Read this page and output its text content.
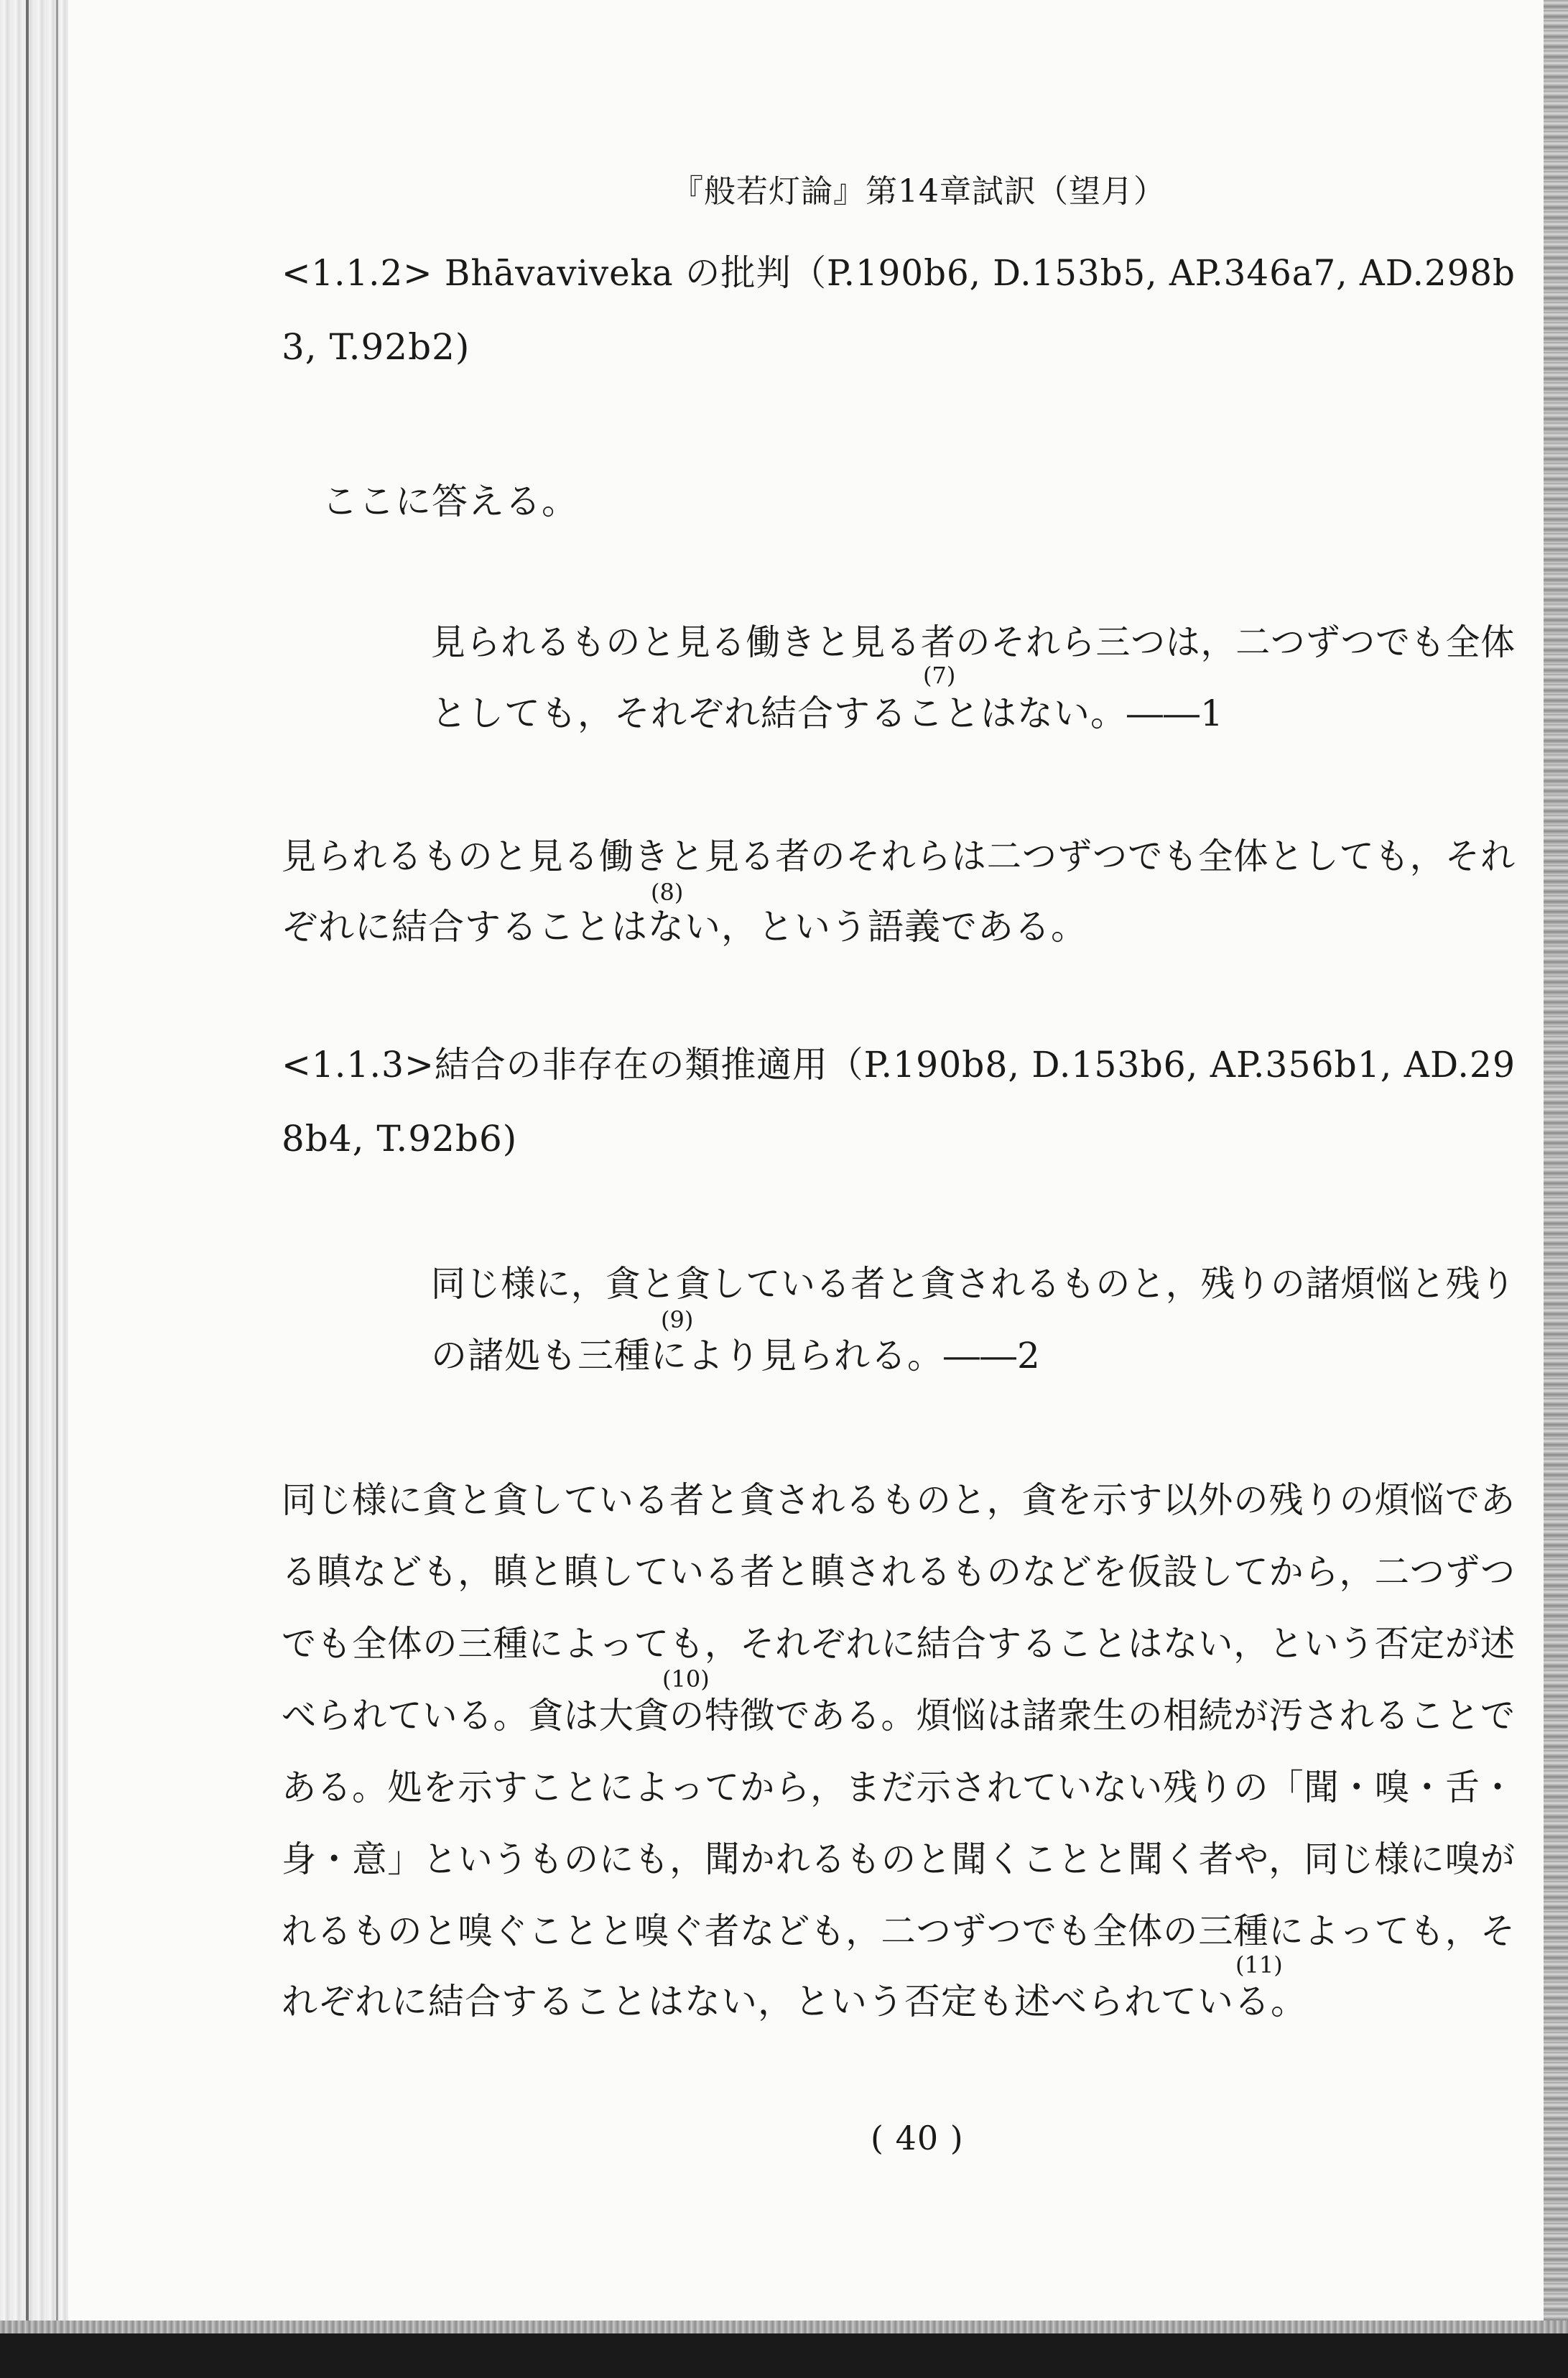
『般若灯論』第14章試訳（望月）
<1.1.2> Bhāvaviveka の批判（P.190b6, D.153b5, AP.346a7, AD.298b
3, T.92b2)
ここに答える。
見られるものと見る働きと見る者のそれら三つは，二つずつでも全体
(7)
としても，それぞれ結合することはない。――1
見られるものと見る働きと見る者のそれらは二つずつでも全体としても，それ
(8)
ぞれに結合することはない，という語義である。
<1.1.3>結合の非存在の類推適用（P.190b8, D.153b6, AP.356b1, AD.29
8b4, T.92b6)
同じ様に，貪と貪している者と貪されるものと，残りの諸煩悩と残り
(9)
の諸処も三種により見られる。――2
同じ様に貪と貪している者と貪されるものと，貪を示す以外の残りの煩悩であ
る瞋なども，瞋と瞋している者と瞋されるものなどを仮設してから，二つずつ
でも全体の三種によっても，それぞれに結合することはない，という否定が述
(10)
べられている。貪は大貪の特徴である。煩悩は諸衆生の相続が汚されることで
ある。処を示すことによってから，まだ示されていない残りの「聞・嗅・舌・
身・意」というものにも，聞かれるものと聞くことと聞く者や，同じ様に嗅が
れるものと嗅ぐことと嗅ぐ者なども，二つずつでも全体の三種によっても，そ
(11)
れぞれに結合することはない，という否定も述べられている。
( 40 )
